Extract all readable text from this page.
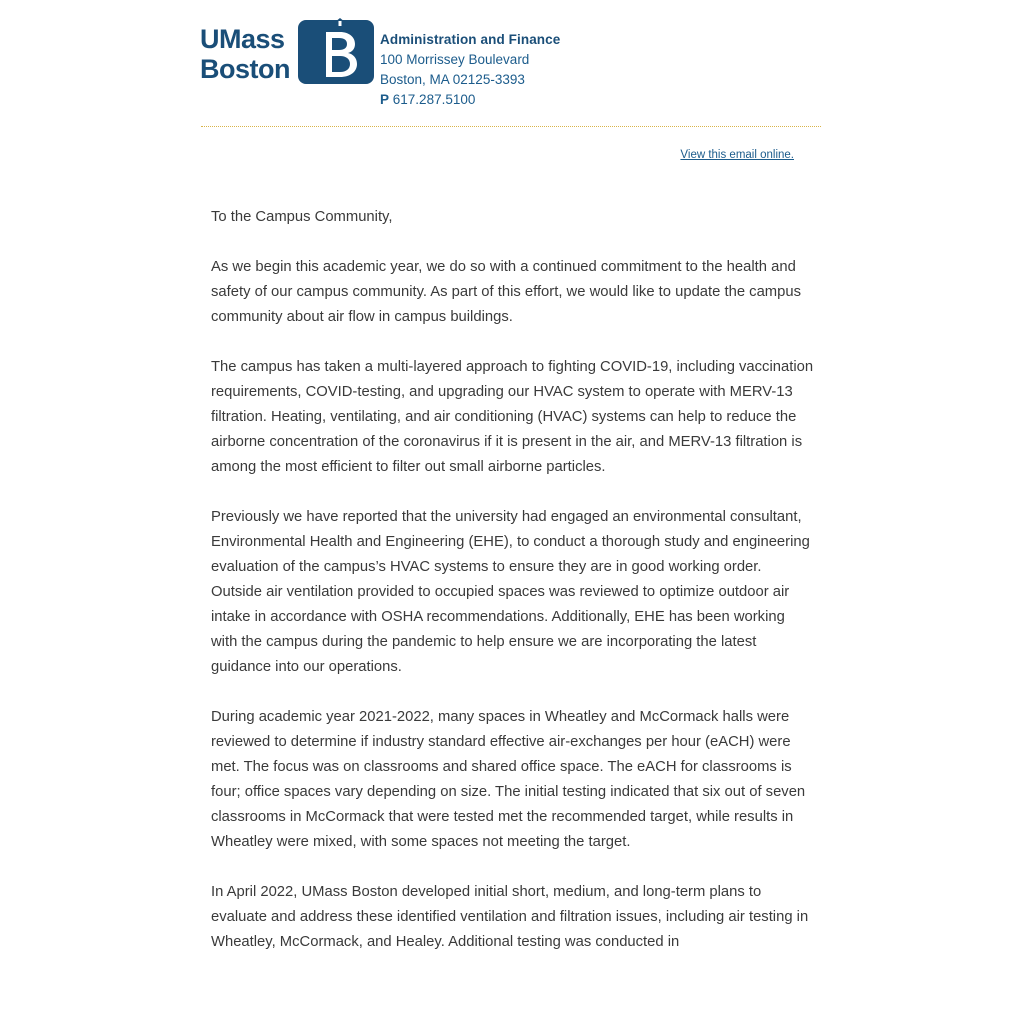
UMass
Boston
Administration and Finance
100 Morrissey Boulevard
Boston, MA 02125-3393
P 617.287.5100
View this email online.

To the Campus Community,

As we begin this academic year, we do so with a continued commitment to the health and safety of our campus community. As part of this effort, we would like to update the campus community about air flow in campus buildings.

The campus has taken a multi-layered approach to fighting COVID-19, including vaccination requirements, COVID-testing, and upgrading our HVAC system to operate with MERV-13 filtration. Heating, ventilating, and air conditioning (HVAC) systems can help to reduce the airborne concentration of the coronavirus if it is present in the air, and MERV-13 filtration is among the most efficient to filter out small airborne particles.

Previously we have reported that the university had engaged an environmental consultant, Environmental Health and Engineering (EHE), to conduct a thorough study and engineering evaluation of the campus’s HVAC systems to ensure they are in good working order. Outside air ventilation provided to occupied spaces was reviewed to optimize outdoor air intake in accordance with OSHA recommendations. Additionally, EHE has been working with the campus during the pandemic to help ensure we are incorporating the latest guidance into our operations.

During academic year 2021-2022, many spaces in Wheatley and McCormack halls were reviewed to determine if industry standard effective air-exchanges per hour (eACH) were met. The focus was on classrooms and shared office space. The eACH for classrooms is four; office spaces vary depending on size. The initial testing indicated that six out of seven classrooms in McCormack that were tested met the recommended target, while results in Wheatley were mixed, with some spaces not meeting the target.

In April 2022, UMass Boston developed initial short, medium, and long-term plans to evaluate and address these identified ventilation and filtration issues, including air testing in Wheatley, McCormack, and Healey. Additional testing was conducted in
